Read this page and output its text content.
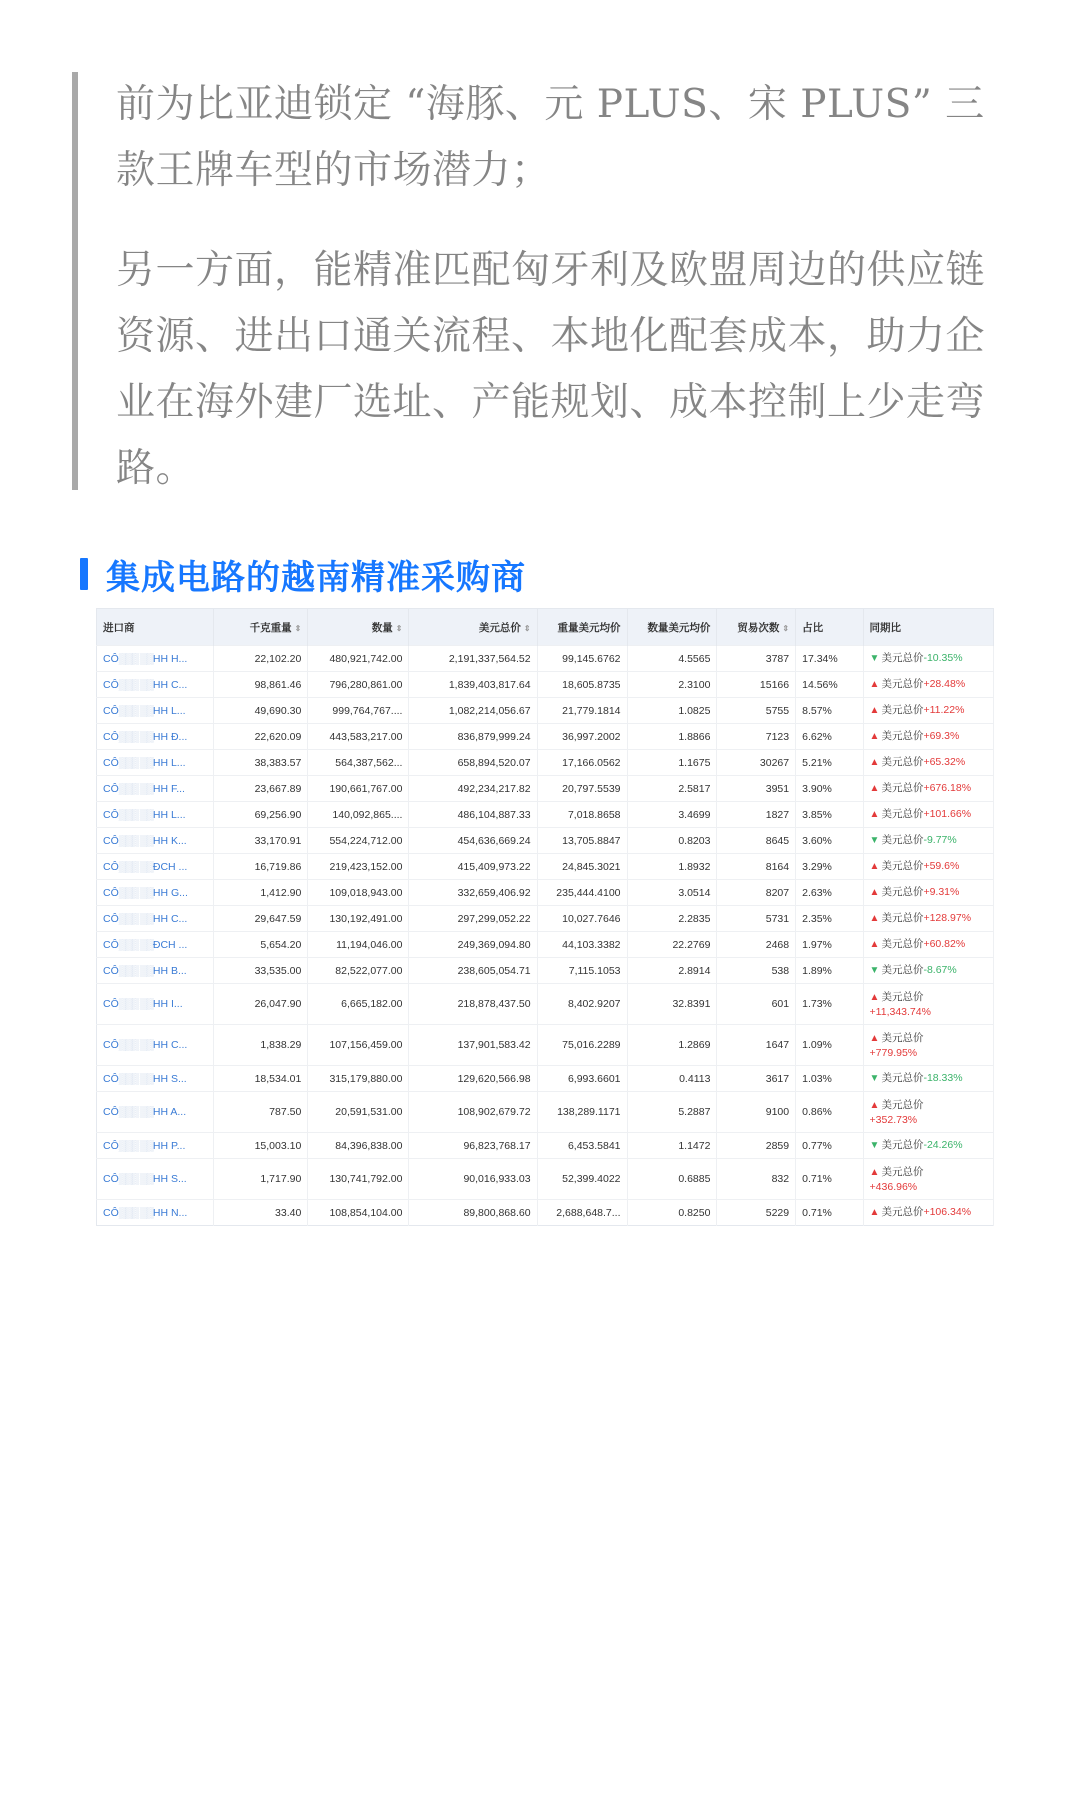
前为比亚迪锁定 “海豚、元 PLUS、宋 PLUS” 三款王牌车型的市场潜力；

另一方面，能精准匹配匈牙利及欧盟周边的供应链资源、进出口通关流程、本地化配套成本，助力企业在海外建厂选址、产能规划、成本控制上少走弯路。

集成电路的越南精准采购商
进口商	千克重量 ⇕	数量 ⇕	美元总价 ⇕	重量美元均价	数量美元均价	贸易次数 ⇕	占比	同期比
CÔ▒▒▒ ▒▒HH H...	22,102.20	480,921,742.00	2,191,337,564.52	99,145.6762	4.5565	3787	17.34%	▼ 美元总价-10.35%
CÔ▒▒▒ ▒▒HH C...	98,861.46	796,280,861.00	1,839,403,817.64	18,605.8735	2.3100	15166	14.56%	▲ 美元总价+28.48%
CÔ▒▒▒ ▒▒HH L...	49,690.30	999,764,767....	1,082,214,056.67	21,779.1814	1.0825	5755	8.57%	▲ 美元总价+11.22%
CÔ▒▒▒ ▒▒HH Đ...	22,620.09	443,583,217.00	836,879,999.24	36,997.2002	1.8866	7123	6.62%	▲ 美元总价+69.3%
CÔ▒▒▒ ▒▒HH L...	38,383.57	564,387,562...	658,894,520.07	17,166.0562	1.1675	30267	5.21%	▲ 美元总价+65.32%
CÔ▒▒▒ ▒▒HH F...	23,667.89	190,661,767.00	492,234,217.82	20,797.5539	2.5817	3951	3.90%	▲ 美元总价+676.18%
CÔ▒▒▒ ▒▒HH L...	69,256.90	140,092,865....	486,104,887.33	7,018.8658	3.4699	1827	3.85%	▲ 美元总价+101.66%
CÔ▒▒▒ ▒▒HH K...	33,170.91	554,224,712.00	454,636,669.24	13,705.8847	0.8203	8645	3.60%	▼ 美元总价-9.77%
CÔ▒▒▒ ▒▒ĐCH ...	16,719.86	219,423,152.00	415,409,973.22	24,845.3021	1.8932	8164	3.29%	▲ 美元总价+59.6%
CÔ▒▒▒ ▒▒HH G...	1,412.90	109,018,943.00	332,659,406.92	235,444.4100	3.0514	8207	2.63%	▲ 美元总价+9.31%
CÔ▒▒▒ ▒▒HH C...	29,647.59	130,192,491.00	297,299,052.22	10,027.7646	2.2835	5731	2.35%	▲ 美元总价+128.97%
CÔ▒▒▒ ▒▒ĐCH ...	5,654.20	11,194,046.00	249,369,094.80	44,103.3382	22.2769	2468	1.97%	▲ 美元总价+60.82%
CÔ▒▒▒ ▒▒HH B...	33,535.00	82,522,077.00	238,605,054.71	7,115.1053	2.8914	538	1.89%	▼ 美元总价-8.67%
CÔ▒▒▒ ▒▒HH I...	26,047.90	6,665,182.00	218,878,437.50	8,402.9207	32.8391	601	1.73%	▲ 美元总价
+11,343.74%
CÔ▒▒▒ ▒▒HH C...	1,838.29	107,156,459.00	137,901,583.42	75,016.2289	1.2869	1647	1.09%	▲ 美元总价
+779.95%
CÔ▒▒▒ ▒▒HH S...	18,534.01	315,179,880.00	129,620,566.98	6,993.6601	0.4113	3617	1.03%	▼ 美元总价-18.33%
CÔ▒▒▒ ▒▒HH A...	787.50	20,591,531.00	108,902,679.72	138,289.1171	5.2887	9100	0.86%	▲ 美元总价
+352.73%
CÔ▒▒▒ ▒▒HH P...	15,003.10	84,396,838.00	96,823,768.17	6,453.5841	1.1472	2859	0.77%	▼ 美元总价-24.26%
CÔ▒▒▒ ▒▒HH S...	1,717.90	130,741,792.00	90,016,933.03	52,399.4022	0.6885	832	0.71%	▲ 美元总价
+436.96%
CÔ▒▒▒ ▒▒HH N...	33.40	108,854,104.00	89,800,868.60	2,688,648.7...	0.8250	5229	0.71%	▲ 美元总价+106.34%
